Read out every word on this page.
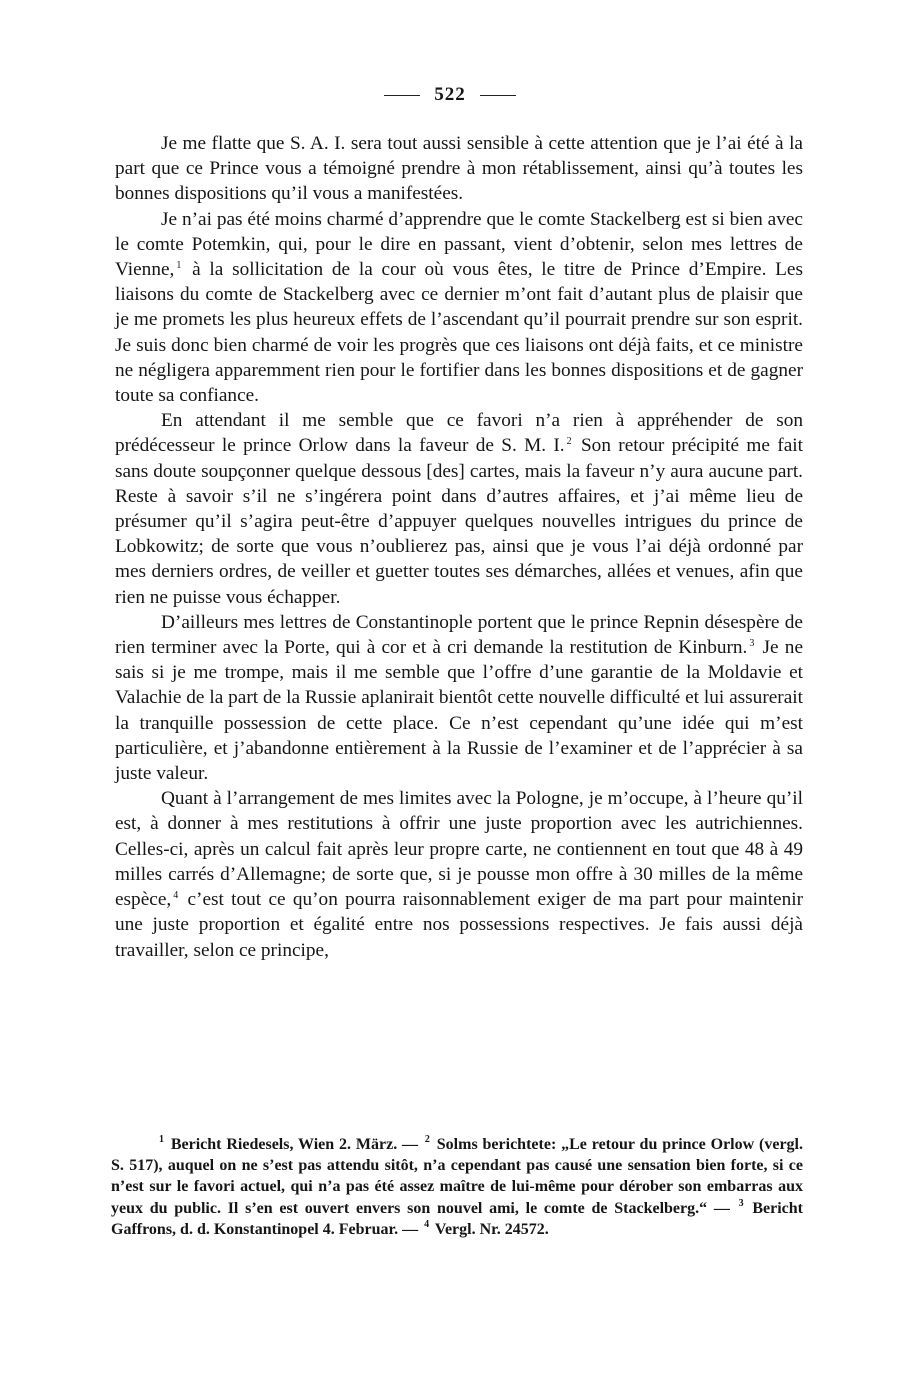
522

Je me flatte que S. A. I. sera tout aussi sensible à cette attention que je l’ai été à la part que ce Prince vous a témoigné prendre à mon rétablissement, ainsi qu’à toutes les bonnes dispositions qu’il vous a manifestées.

Je n’ai pas été moins charmé d’apprendre que le comte Stackelberg est si bien avec le comte Potemkin, qui, pour le dire en passant, vient d’obtenir, selon mes lettres de Vienne, $^1$ à la sollicitation de la cour où vous êtes, le titre de Prince d’Empire. Les liaisons du comte de Stackelberg avec ce dernier m’ont fait d’autant plus de plaisir que je me promets les plus heureux effets de l’ascendant qu’il pourrait prendre sur son esprit. Je suis donc bien charmé de voir les progrès que ces liaisons ont déjà faits, et ce ministre ne négligera apparemment rien pour le fortifier dans les bonnes dispositions et de gagner toute sa confiance.

En attendant il me semble que ce favori n’a rien à appréhender de son prédécesseur le prince Orlow dans la faveur de S. M. I. $^2$ Son retour précipité me fait sans doute soupçonner quelque dessous [des] cartes, mais la faveur n’y aura aucune part. Reste à savoir s’il ne s’ingérera point dans d’autres affaires, et j’ai même lieu de présumer qu’il s’agira peut-être d’appuyer quelques nouvelles intrigues du prince de Lobkowitz; de sorte que vous n’oublierez pas, ainsi que je vous l’ai déjà ordonné par mes derniers ordres, de veiller et guetter toutes ses démarches, allées et venues, afin que rien ne puisse vous échapper.

D’ailleurs mes lettres de Constantinople portent que le prince Repnin désespère de rien terminer avec la Porte, qui à cor et à cri demande la restitution de Kinburn. $^3$ Je ne sais si je me trompe, mais il me semble que l’offre d’une garantie de la Moldavie et Valachie de la part de la Russie aplanirait bientôt cette nouvelle difficulté et lui assurerait la tranquille possession de cette place. Ce n’est cependant qu’une idée qui m’est particulière, et j’abandonne entièrement à la Russie de l’examiner et de l’apprécier à sa juste valeur.

Quant à l’arrangement de mes limites avec la Pologne, je m’occupe, à l’heure qu’il est, à donner à mes restitutions à offrir une juste proportion avec les autrichiennes. Celles-ci, après un calcul fait après leur propre carte, ne contiennent en tout que 48 à 49 milles carrés d’Allemagne; de sorte que, si je pousse mon offre à 30 milles de la même espèce, $^4$ c’est tout ce qu’on pourra raisonnablement exiger de ma part pour maintenir une juste proportion et égalité entre nos possessions respectives. Je fais aussi déjà travailler, selon ce principe,

$^1$ Bericht Riedesels, Wien 2. März. — $^2$ Solms berichtete: „Le retour du prince Orlow (vergl. S. 517), auquel on ne s’est pas attendu sitôt, n’a cependant pas causé une sensation bien forte, si ce n’est sur le favori actuel, qui n’a pas été assez maître de lui-même pour dérober son embarras aux yeux du public. Il s’en est ouvert envers son nouvel ami, le comte de Stackelberg.“ — $^3$ Bericht Gaffrons, d. d. Konstantinopel 4. Februar. — $^4$ Vergl. Nr. 24572.
